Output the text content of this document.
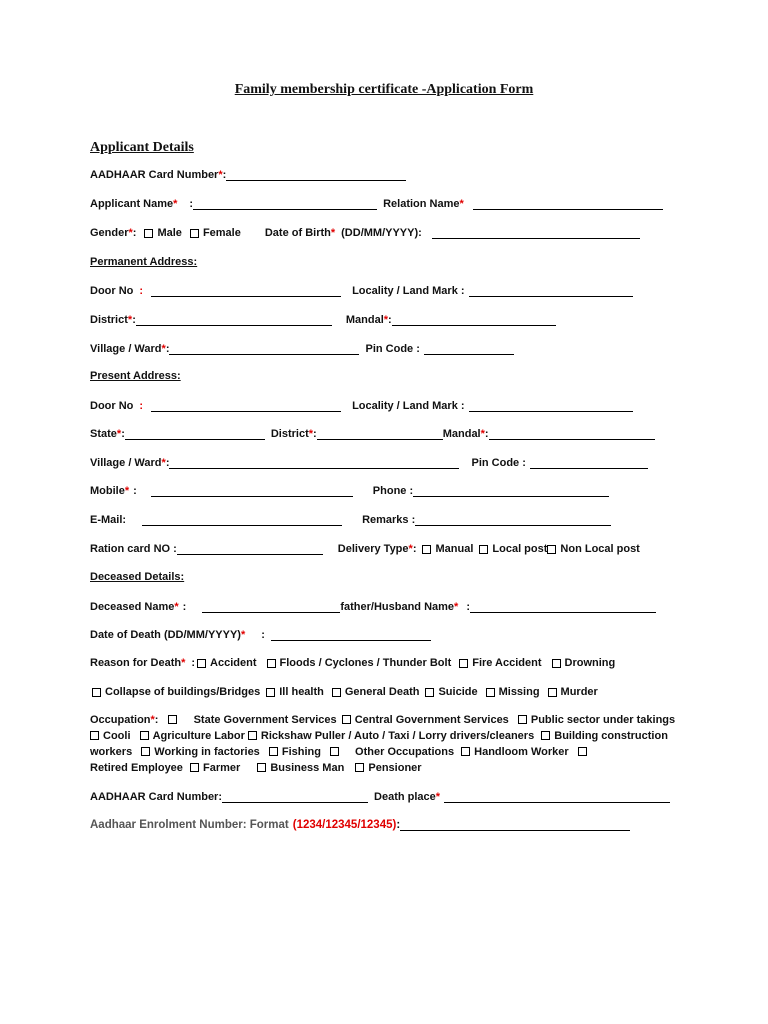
Family membership certificate -Application Form
Applicant Details
AADHAAR Card Number * :
Applicant Name * :	Relation Name *
Gender * : Male Female Date of Birth * (DD/MM/YYYY):
Permanent Address:
Door No :	Locality / Land Mark :
District * :	Mandal * :
Village / Ward * :	Pin Code :
Present Address:
Door No :	Locality / Land Mark :
State * :	District * :	Mandal * :
Village / Ward * :	Pin Code :
Mobile * :	Phone :
E-Mail:	Remarks :
Ration card NO :	Delivery Type * : Manual Local post Non Local post
Deceased Details:
Deceased Name * :	father/Husband Name * :
Date of Death (DD/MM/YYYY) * :
Reason for Death * : Accident Floods / Cyclones / Thunder Bolt Fire Accident Drowning
Collapse of buildings/Bridges Ill health General Death Suicide Missing Murder
Occupation*:	State Government Services Central Government Services Public sector under takings
Cooli Agriculture Labor Rickshaw Puller / Auto / Taxi / Lorry drivers/cleaners Building construction workers Working in factories Fishing	Other Occupations Handloom Worker
Retired Employee Farmer	Business Man Pensioner
AADHAAR Card Number:	Death place *
Aadhaar Enrolment Number: Format (1234/12345/12345) :
